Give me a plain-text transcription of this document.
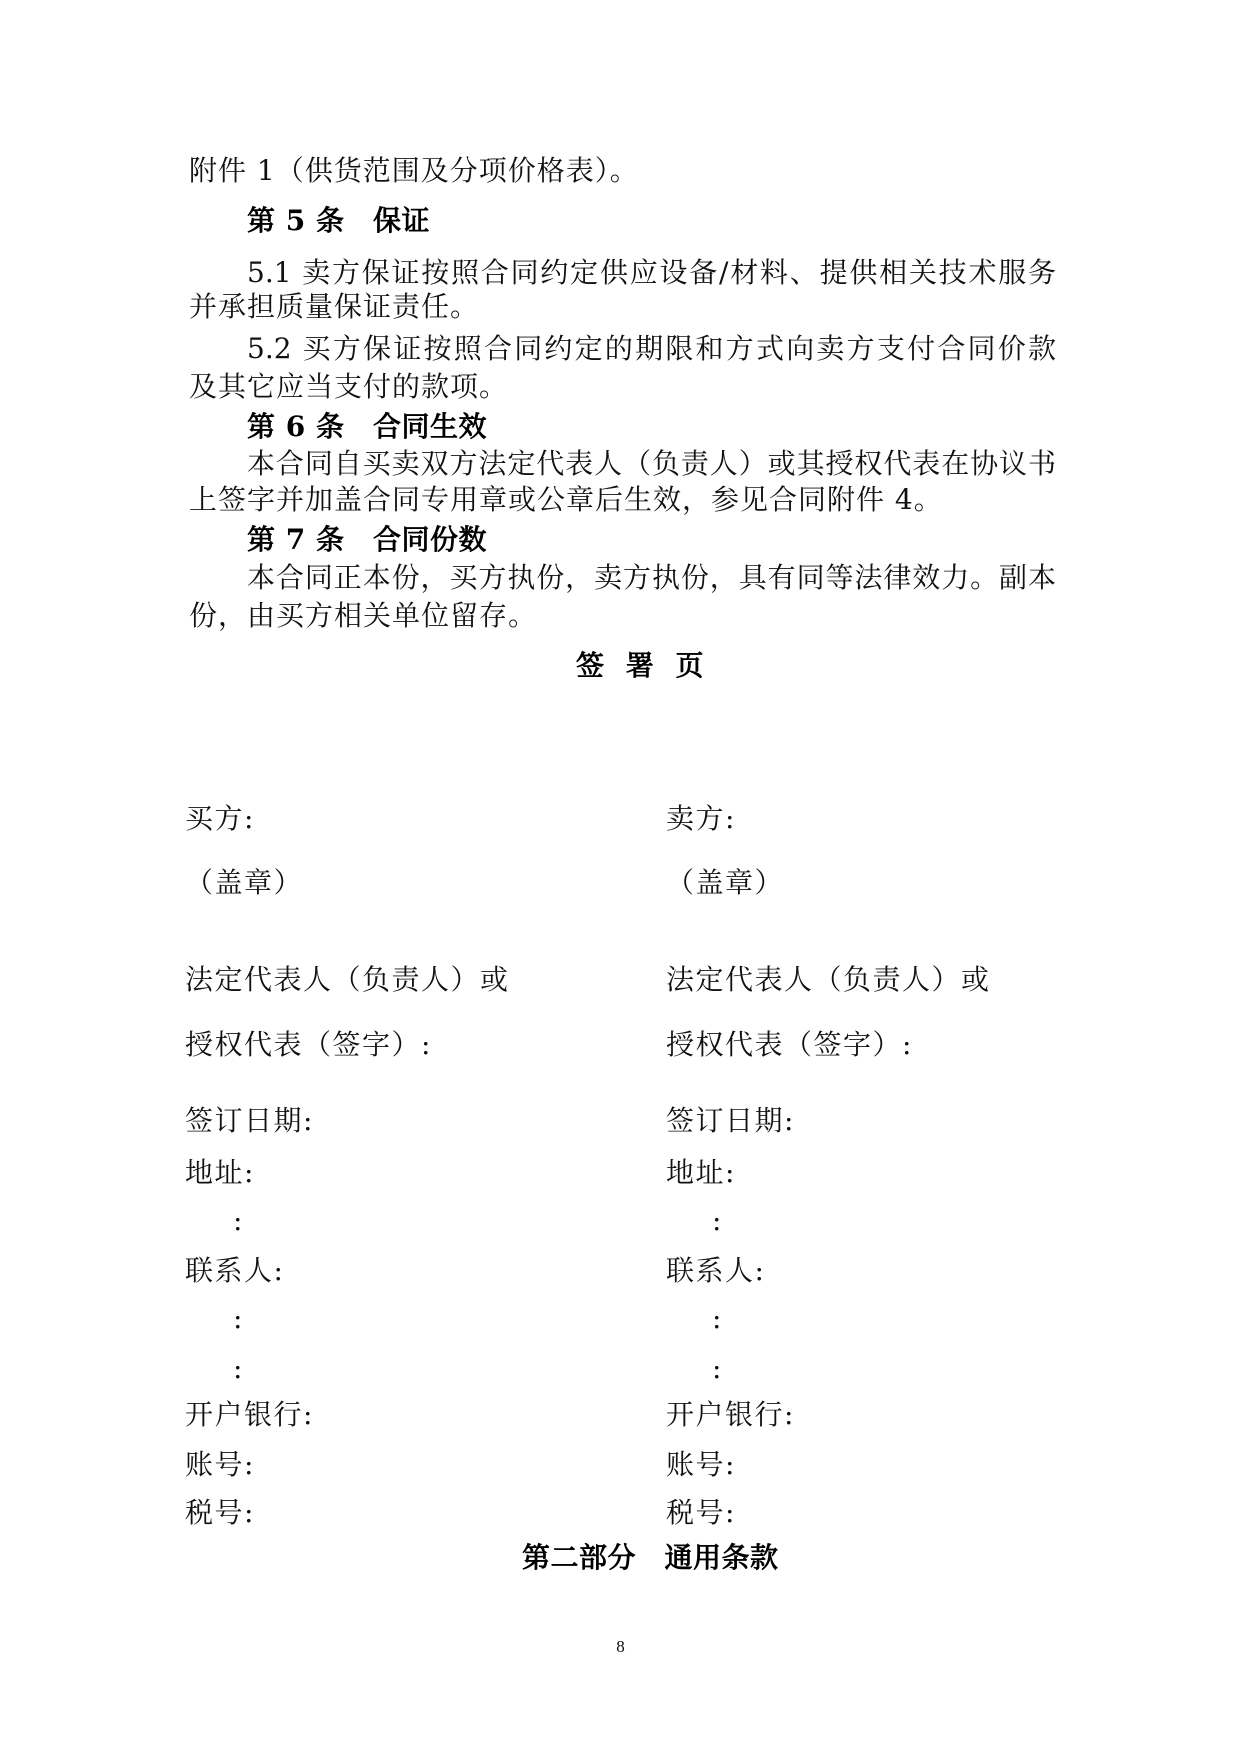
附件 1（供货范围及分项价格表）。
第 5 条　保证
5.1 卖方保证按照合同约定供应设备/材料、提供相关技术服务
并承担质量保证责任。
5.2 买方保证按照合同约定的期限和方式向卖方支付合同价款
及其它应当支付的款项。
第 6 条　合同生效
本合同自买卖双方法定代表人（负责人）或其授权代表在协议书
上签字并加盖合同专用章或公章后生效，参见合同附件 4。
第 7 条　合同份数
本合同正本份，买方执份，卖方执份，具有同等法律效力。副本
份，由买方相关单位留存。
签 署 页
买方:	卖方:
（盖章）	（盖章）
法定代表人（负责人）或	法定代表人（负责人）或
授权代表（签字）:	授权代表（签字）:
签订日期:	签订日期:
地址:	地址:
:	:
联系人:	联系人:
:	:
:	:
开户银行:	开户银行:
账号:	账号:
税号:	税号:
第二部分　通用条款
8
